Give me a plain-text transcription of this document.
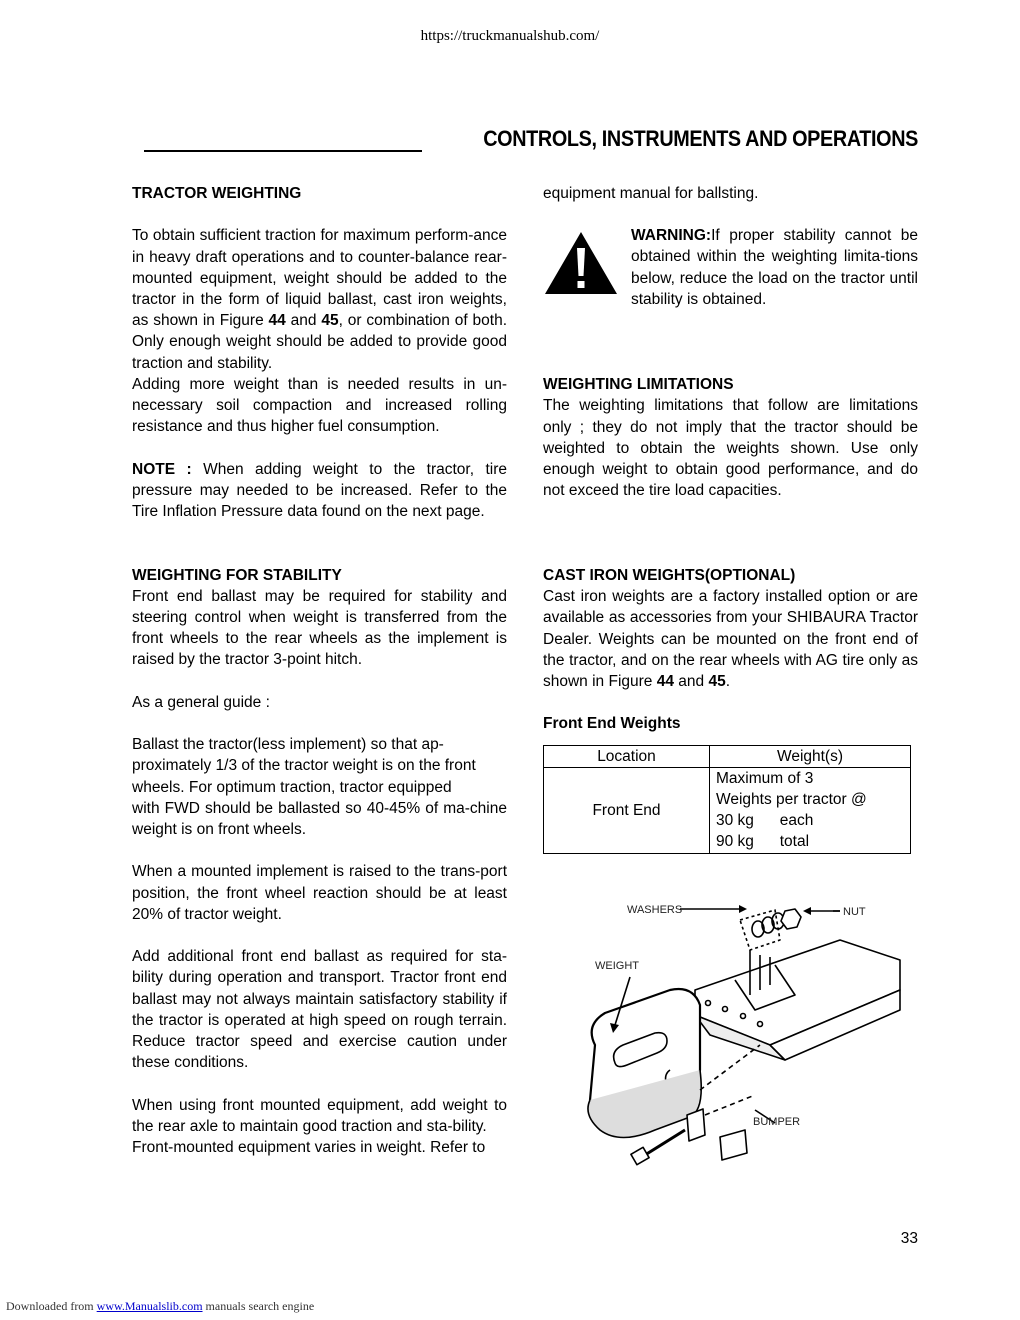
https://truckmanualshub.com/
CONTROLS, INSTRUMENTS AND OPERATIONS

TRACTOR WEIGHTING

To obtain sufficient traction for maximum perform-ance in heavy draft operations and to counter-balance rear-mounted equipment, weight should be added to the tractor in the form of liquid ballast, cast iron weights, as shown in Figure 44 and 45, or combination of both. Only enough weight should be added to provide good traction and stability.

Adding more weight than is needed results in un-necessary soil compaction and increased rolling resistance and thus higher fuel consumption.

NOTE : When adding weight to the tractor, tire pressure may needed to be increased. Refer to the Tire Inflation Pressure data found on the next page.

WEIGHTING FOR STABILITY

Front end ballast may be required for stability and steering control when weight is transferred from the front wheels to the rear wheels as the implement is raised by the tractor 3-point hitch.

As a general guide :

Ballast the tractor(less implement) so that ap-proximately 1/3 of the tractor weight is on the front wheels. For optimum traction, tractor equipped

with FWD should be ballasted so 40-45% of ma-chine weight is on front wheels.

When a mounted implement is raised to the trans-port position, the front wheel reaction should be at least 20% of tractor weight.

Add additional front end ballast as required for sta-bility during operation and transport. Tractor front end ballast may not always maintain satisfactory stability if the tractor is operated at high speed on rough terrain. Reduce tractor speed and exercise caution under these conditions.

When using front mounted equipment, add weight to the rear axle to maintain good traction and sta-bility.

Front-mounted equipment varies in weight. Refer to

equipment manual for ballsting.

WARNING:If proper stability cannot be obtained within the weighting limita-tions below, reduce the load on the tractor until stability is obtained.

WEIGHTING LIMITATIONS

The weighting limitations that follow are limitations only ; they do not imply that the tractor should be weighted to obtain the weights shown. Use only enough weight to obtain good performance, and do not exceed the tire load capacities.

CAST IRON WEIGHTS(OPTIONAL)

Cast iron weights are a factory installed option or are available as accessories from your SHIBAURA Tractor Dealer. Weights can be mounted on the front end of the tractor, and on the rear wheels with AG tire only as shown in Figure 44 and 45.

Front End Weights

Location	Weight(s)
Front End	Maximum of 3
Weights per tractor @
30 kg      each
90 kg      total
WASHERS	NUT
WEIGHT
BUMPER
33
Downloaded from www.Manualslib.com manuals search engine
